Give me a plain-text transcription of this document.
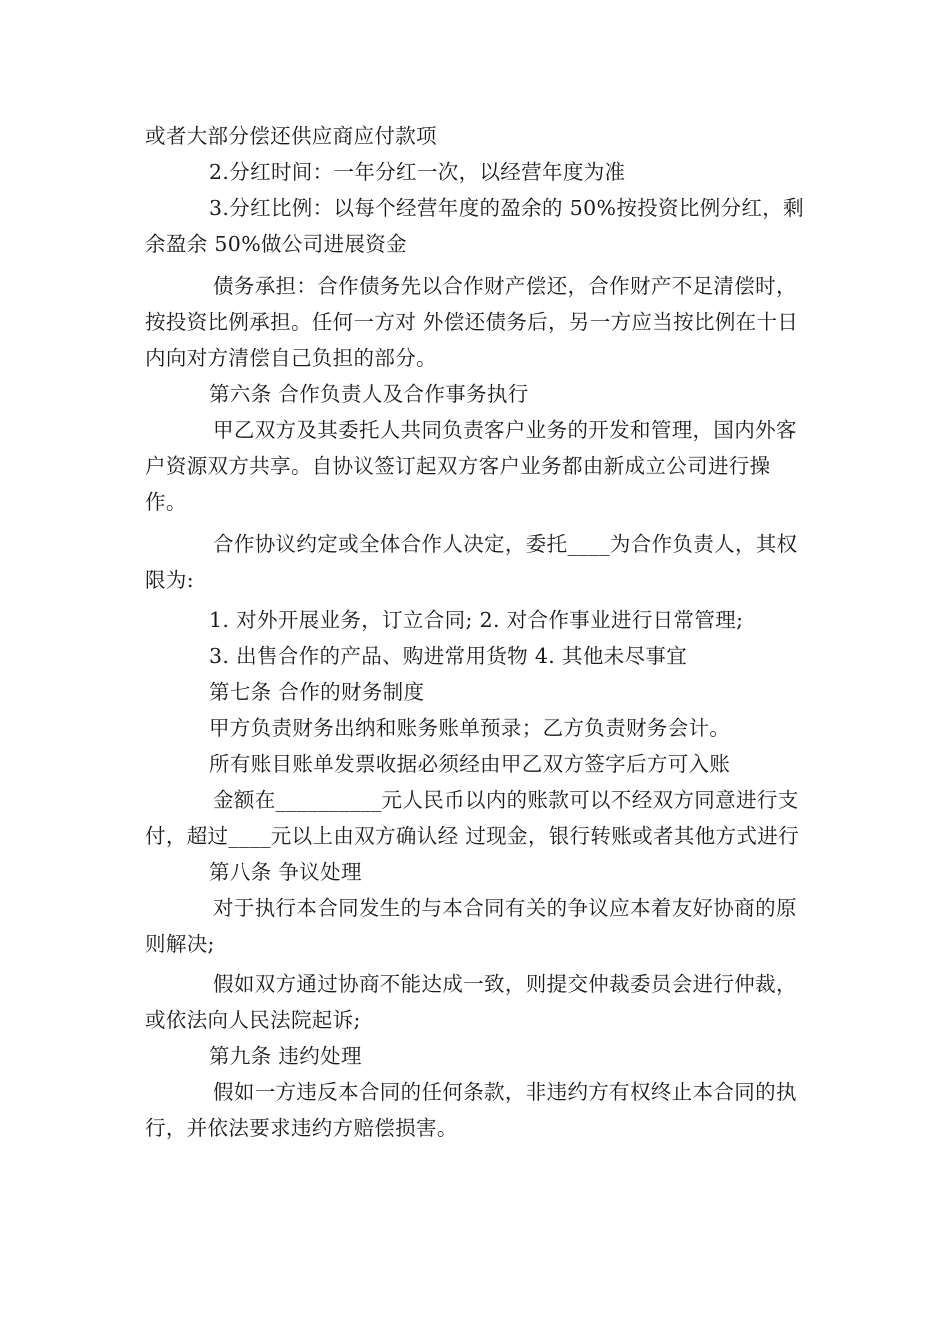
或者大部分偿还供应商应付款项

2.分红时间：一年分红一次，以经营年度为准

3.分红比例：以每个经营年度的盈余的 50%按投资比例分红，剩余盈余 50%做公司进展资金

债务承担：合作债务先以合作财产偿还，合作财产不足清偿时，按投资比例承担。任何一方对 外偿还债务后，另一方应当按比例在十日内向对方清偿自己负担的部分。

第六条 合作负责人及合作事务执行

甲乙双方及其委托人共同负责客户业务的开发和管理，国内外客户资源双方共享。自协议签订起双方客户业务都由新成立公司进行操作。

合作协议约定或全体合作人决定，委托____为合作负责人，其权限为:

1. 对外开展业务，订立合同; 2. 对合作事业进行日常管理;

3. 出售合作的产品、购进常用货物 4. 其他未尽事宜

第七条 合作的财务制度

甲方负责财务出纳和账务账单预录；乙方负责财务会计。

所有账目账单发票收据必须经由甲乙双方签字后方可入账

金额在__________元人民币以内的账款可以不经双方同意进行支付，超过____元以上由双方确认经 过现金，银行转账或者其他方式进行

第八条 争议处理

对于执行本合同发生的与本合同有关的争议应本着友好协商的原则解决;

假如双方通过协商不能达成一致，则提交仲裁委员会进行仲裁，或依法向人民法院起诉;

第九条 违约处理

假如一方违反本合同的任何条款，非违约方有权终止本合同的执行，并依法要求违约方赔偿损害。
